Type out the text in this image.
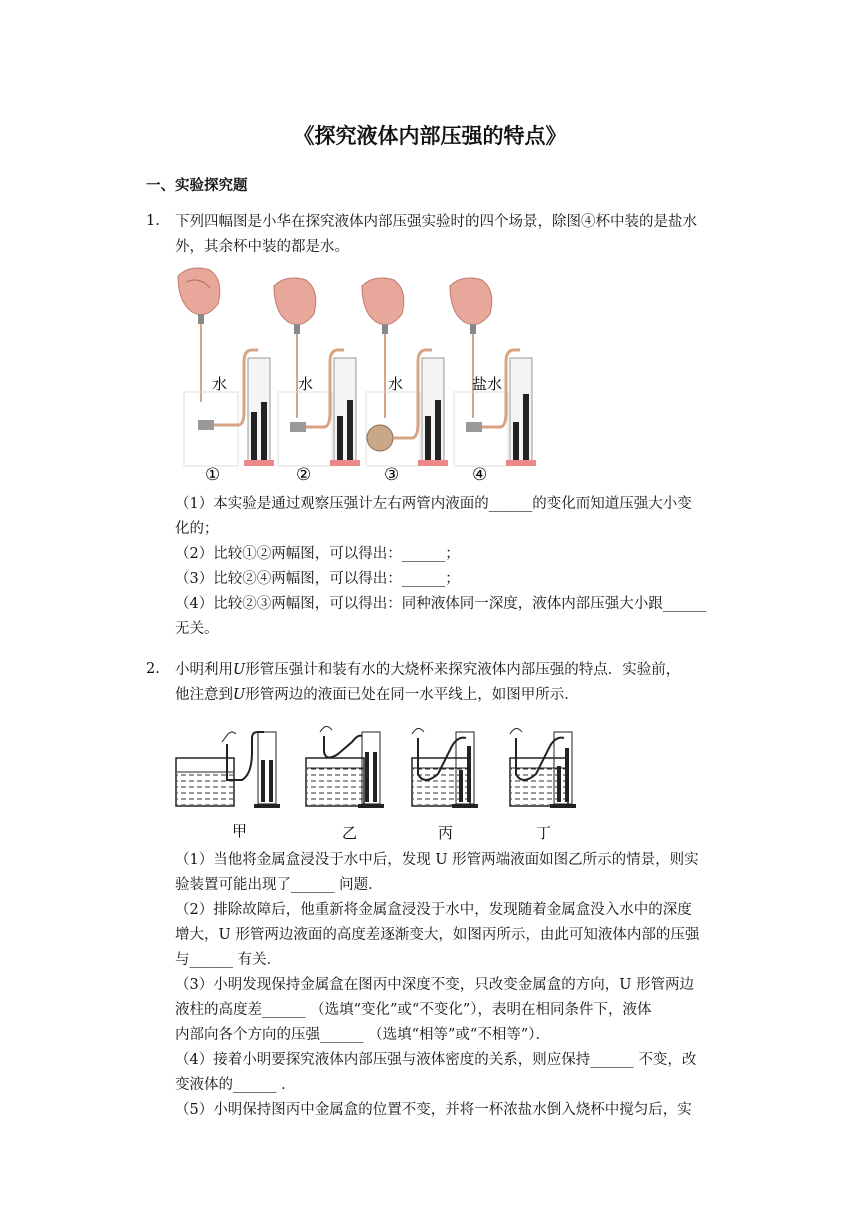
《探究液体内部压强的特点》
一、实验探究题
1. 下列四幅图是小华在探究液体内部压强实验时的四个场景，除图④杯中装的是盐水
外，其余杯中装的都是水。
水	水	水	盐水
①	②	③	④
（1）本实验是通过观察压强计左右两管内液面的______的变化而知道压强大小变
化的；
（2）比较①②两幅图，可以得出：______；
（3）比较②④两幅图，可以得出：______；
（4）比较②③两幅图，可以得出：同种液体同一深度，液体内部压强大小跟______
无关。
2. 小明利用U形管压强计和装有水的大烧杯来探究液体内部压强的特点．实验前，
他注意到U形管两边的液面已处在同一水平线上，如图甲所示．
甲	乙	丙	丁
（1）当他将金属盒浸没于水中后，发现 U 形管两端液面如图乙所示的情景，则实
验装置可能出现了______ 问题．
（2）排除故障后，他重新将金属盒浸没于水中，发现随着金属盒没入水中的深度
增大，U 形管两边液面的高度差逐渐变大，如图丙所示，由此可知液体内部的压强
与______ 有关．
（3）小明发现保持金属盒在图丙中深度不变，只改变金属盒的方向，U 形管两边
液柱的高度差______ （选填“变化”或“不变化”），表明在相同条件下，液体
内部向各个方向的压强______ （选填“相等”或“不相等”）．
（4）接着小明要探究液体内部压强与液体密度的关系，则应保持______ 不变，改
变液体的______ ．
（5）小明保持图丙中金属盒的位置不变，并将一杯浓盐水倒入烧杯中搅匀后，实
